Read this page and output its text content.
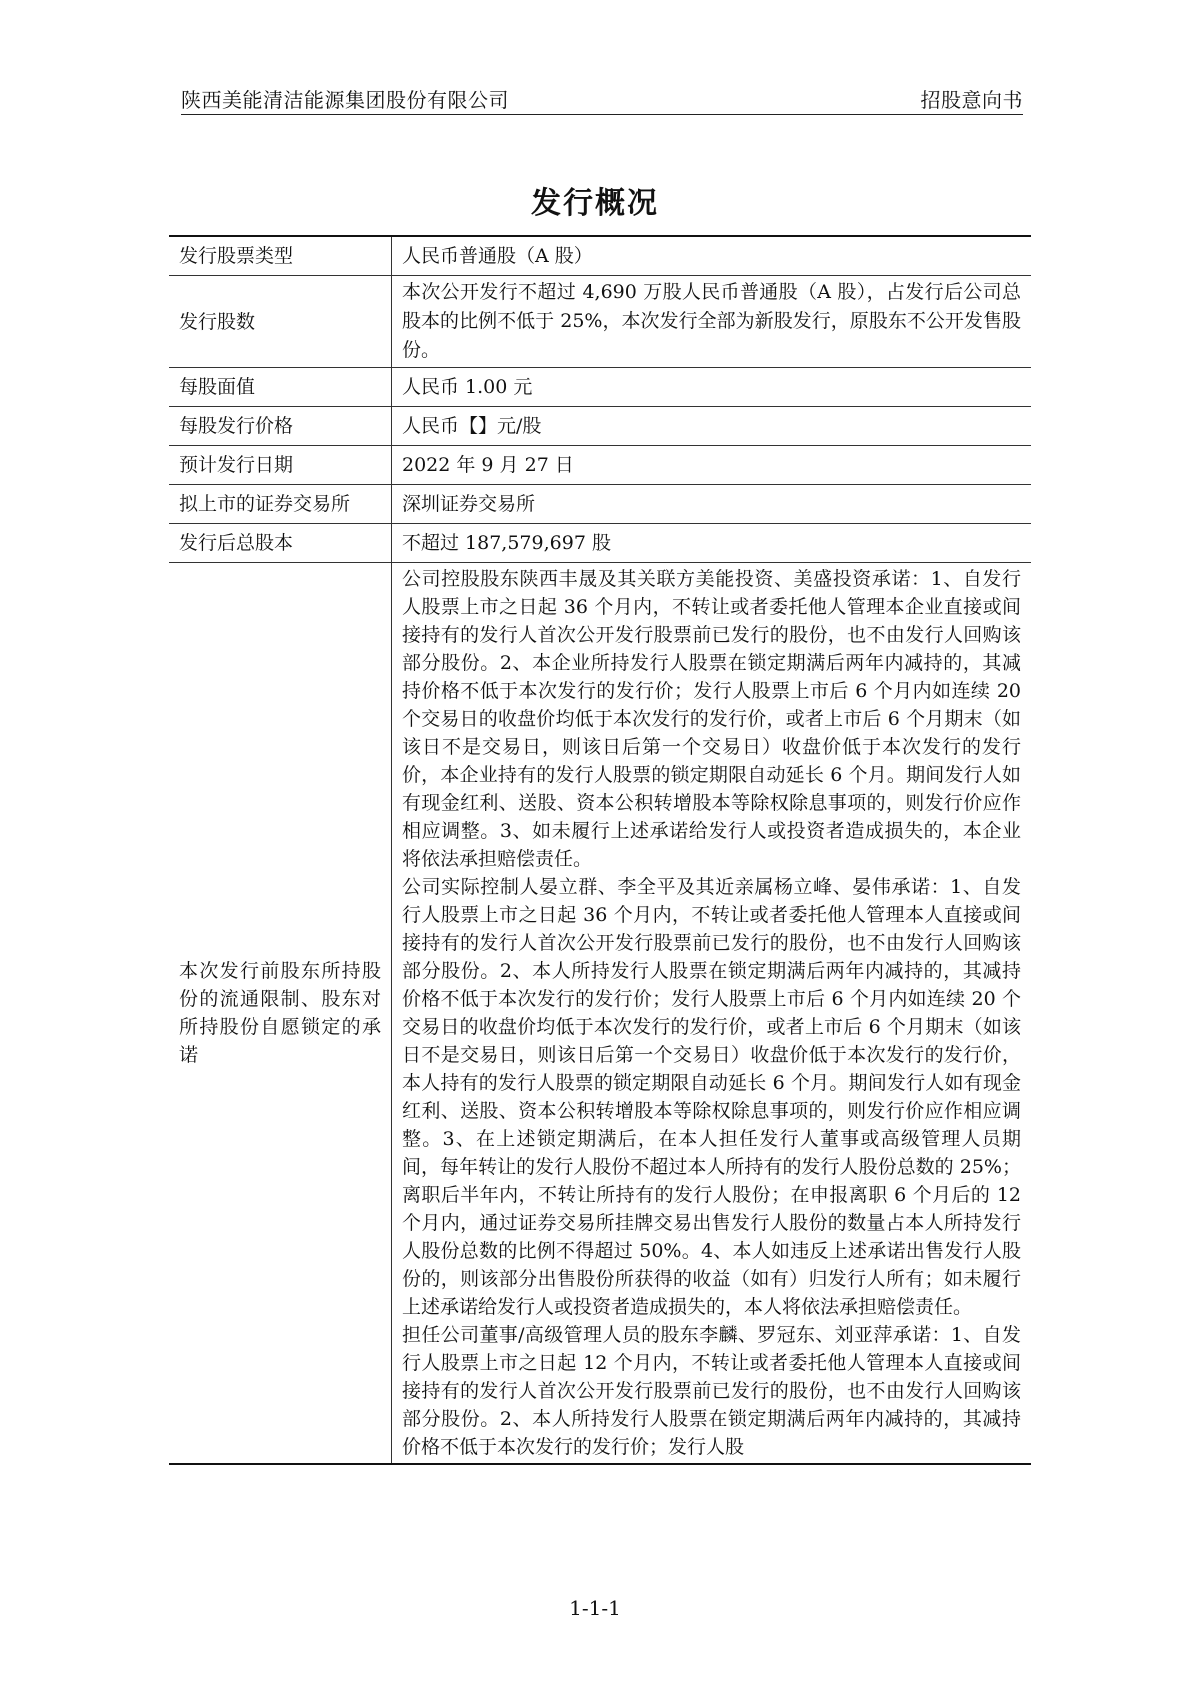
陕西美能清洁能源集团股份有限公司	招股意向书
发行概况
发行股票类型	人民币普通股（A 股）
发行股数	本次公开发行不超过 4,690 万股人民币普通股（A 股），占发行后公司总股本的比例不低于 25%，本次发行全部为新股发行，原股东不公开发售股份。
每股面值	人民币 1.00 元
每股发行价格	人民币【】元/股
预计发行日期	2022 年 9 月 27 日
拟上市的证券交易所	深圳证券交易所
发行后总股本	不超过 187,579,697 股
本次发行前股东所持股份的流通限制、股东对所持股份自愿锁定的承诺	公司控股股东陕西丰晟及其关联方美能投资、美盛投资承诺：1、自发行人股票上市之日起 36 个月内，不转让或者委托他人管理本企业直接或间接持有的发行人首次公开发行股票前已发行的股份，也不由发行人回购该部分股份。2、本企业所持发行人股票在锁定期满后两年内减持的，其减持价格不低于本次发行的发行价；发行人股票上市后 6 个月内如连续 20 个交易日的收盘价均低于本次发行的发行价，或者上市后 6 个月期末（如该日不是交易日，则该日后第一个交易日）收盘价低于本次发行的发行价，本企业持有的发行人股票的锁定期限自动延长 6 个月。期间发行人如有现金红利、送股、资本公积转增股本等除权除息事项的，则发行价应作相应调整。3、如未履行上述承诺给发行人或投资者造成损失的，本企业将依法承担赔偿责任。
公司实际控制人晏立群、李全平及其近亲属杨立峰、晏伟承诺：1、自发行人股票上市之日起 36 个月内，不转让或者委托他人管理本人直接或间接持有的发行人首次公开发行股票前已发行的股份，也不由发行人回购该部分股份。2、本人所持发行人股票在锁定期满后两年内减持的，其减持价格不低于本次发行的发行价；发行人股票上市后 6 个月内如连续 20 个交易日的收盘价均低于本次发行的发行价，或者上市后 6 个月期末（如该日不是交易日，则该日后第一个交易日）收盘价低于本次发行的发行价，本人持有的发行人股票的锁定期限自动延长 6 个月。期间发行人如有现金红利、送股、资本公积转增股本等除权除息事项的，则发行价应作相应调整。3、在上述锁定期满后，在本人担任发行人董事或高级管理人员期间，每年转让的发行人股份不超过本人所持有的发行人股份总数的 25%；离职后半年内，不转让所持有的发行人股份；在申报离职 6 个月后的 12 个月内，通过证券交易所挂牌交易出售发行人股份的数量占本人所持发行人股份总数的比例不得超过 50%。4、本人如违反上述承诺出售发行人股份的，则该部分出售股份所获得的收益（如有）归发行人所有；如未履行上述承诺给发行人或投资者造成损失的，本人将依法承担赔偿责任。
担任公司董事/高级管理人员的股东李麟、罗冠东、刘亚萍承诺：1、自发行人股票上市之日起 12 个月内，不转让或者委托他人管理本人直接或间接持有的发行人首次公开发行股票前已发行的股份，也不由发行人回购该部分股份。2、本人所持发行人股票在锁定期满后两年内减持的，其减持价格不低于本次发行的发行价；发行人股
1-1-1
